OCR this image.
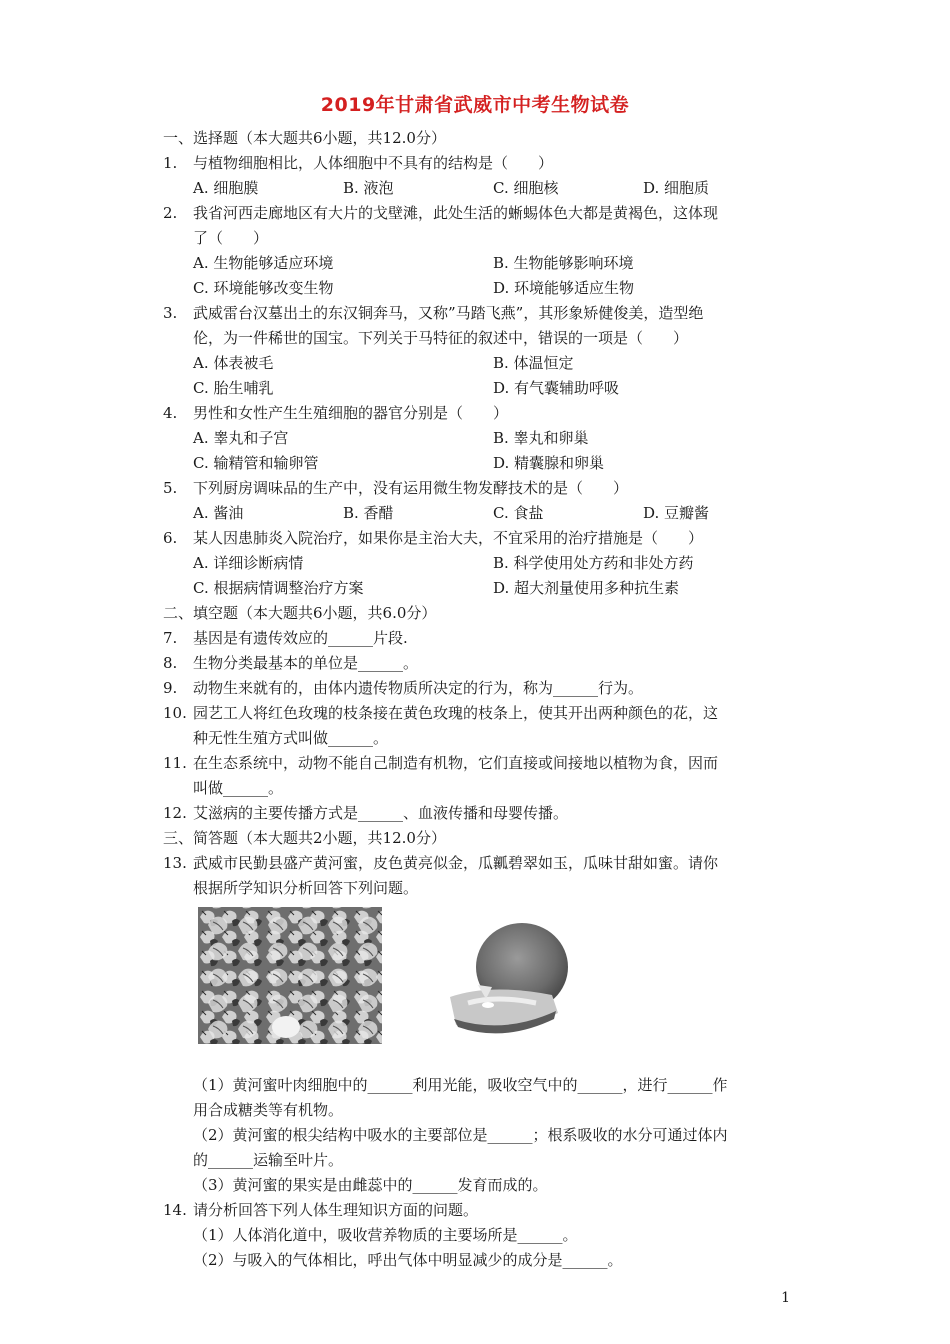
2019年甘肃省武威市中考生物试卷
一、选择题（本大题共6小题，共12.0分）
1. 与植物细胞相比，人体细胞中不具有的结构是（　　）
A. 细胞膜	B. 液泡	C. 细胞核	D. 细胞质
2. 我省河西走廊地区有大片的戈壁滩，此处生活的蜥蜴体色大都是黄褐色，这体现
了（　　）
A. 生物能够适应环境	B. 生物能够影响环境
C. 环境能够改变生物	D. 环境能够适应生物
3. 武威雷台汉墓出土的东汉铜奔马，又称”马踏飞燕”，其形象矫健俊美，造型绝
伦，为一件稀世的国宝。下列关于马特征的叙述中，错误的一项是（　　）
A. 体表被毛	B. 体温恒定
C. 胎生哺乳	D. 有气囊辅助呼吸
4. 男性和女性产生生殖细胞的器官分别是（　　）
A. 睾丸和子宫	B. 睾丸和卵巢
C. 输精管和输卵管	D. 精囊腺和卵巢
5. 下列厨房调味品的生产中，没有运用微生物发酵技术的是（　　）
A. 酱油	B. 香醋	C. 食盐	D. 豆瓣酱
6. 某人因患肺炎入院治疗，如果你是主治大夫，不宜采用的治疗措施是（　　）
A. 详细诊断病情	B. 科学使用处方药和非处方药
C. 根据病情调整治疗方案	D. 超大剂量使用多种抗生素
二、填空题（本大题共6小题，共6.0分）
7. 基因是有遗传效应的______片段.
8. 生物分类最基本的单位是______。
9. 动物生来就有的，由体内遗传物质所决定的行为，称为______行为。
10. 园艺工人将红色玫瑰的枝条接在黄色玫瑰的枝条上，使其开出两种颜色的花，这
种无性生殖方式叫做______。
11. 在生态系统中，动物不能自己制造有机物，它们直接或间接地以植物为食，因而
叫做______。
12. 艾滋病的主要传播方式是______、血液传播和母婴传播。
三、简答题（本大题共2小题，共12.0分）
13. 武威市民勤县盛产黄河蜜，皮色黄亮似金，瓜瓤碧翠如玉，瓜味甘甜如蜜。请你
根据所学知识分析回答下列问题。
（1）黄河蜜叶肉细胞中的______利用光能，吸收空气中的______，进行______作
用合成糖类等有机物。
（2）黄河蜜的根尖结构中吸水的主要部位是______；根系吸收的水分可通过体内
的______运输至叶片。
（3）黄河蜜的果实是由雌蕊中的______发育而成的。
14. 请分析回答下列人体生理知识方面的问题。
（1）人体消化道中，吸收营养物质的主要场所是______。
（2）与吸入的气体相比，呼出气体中明显减少的成分是______。
1
